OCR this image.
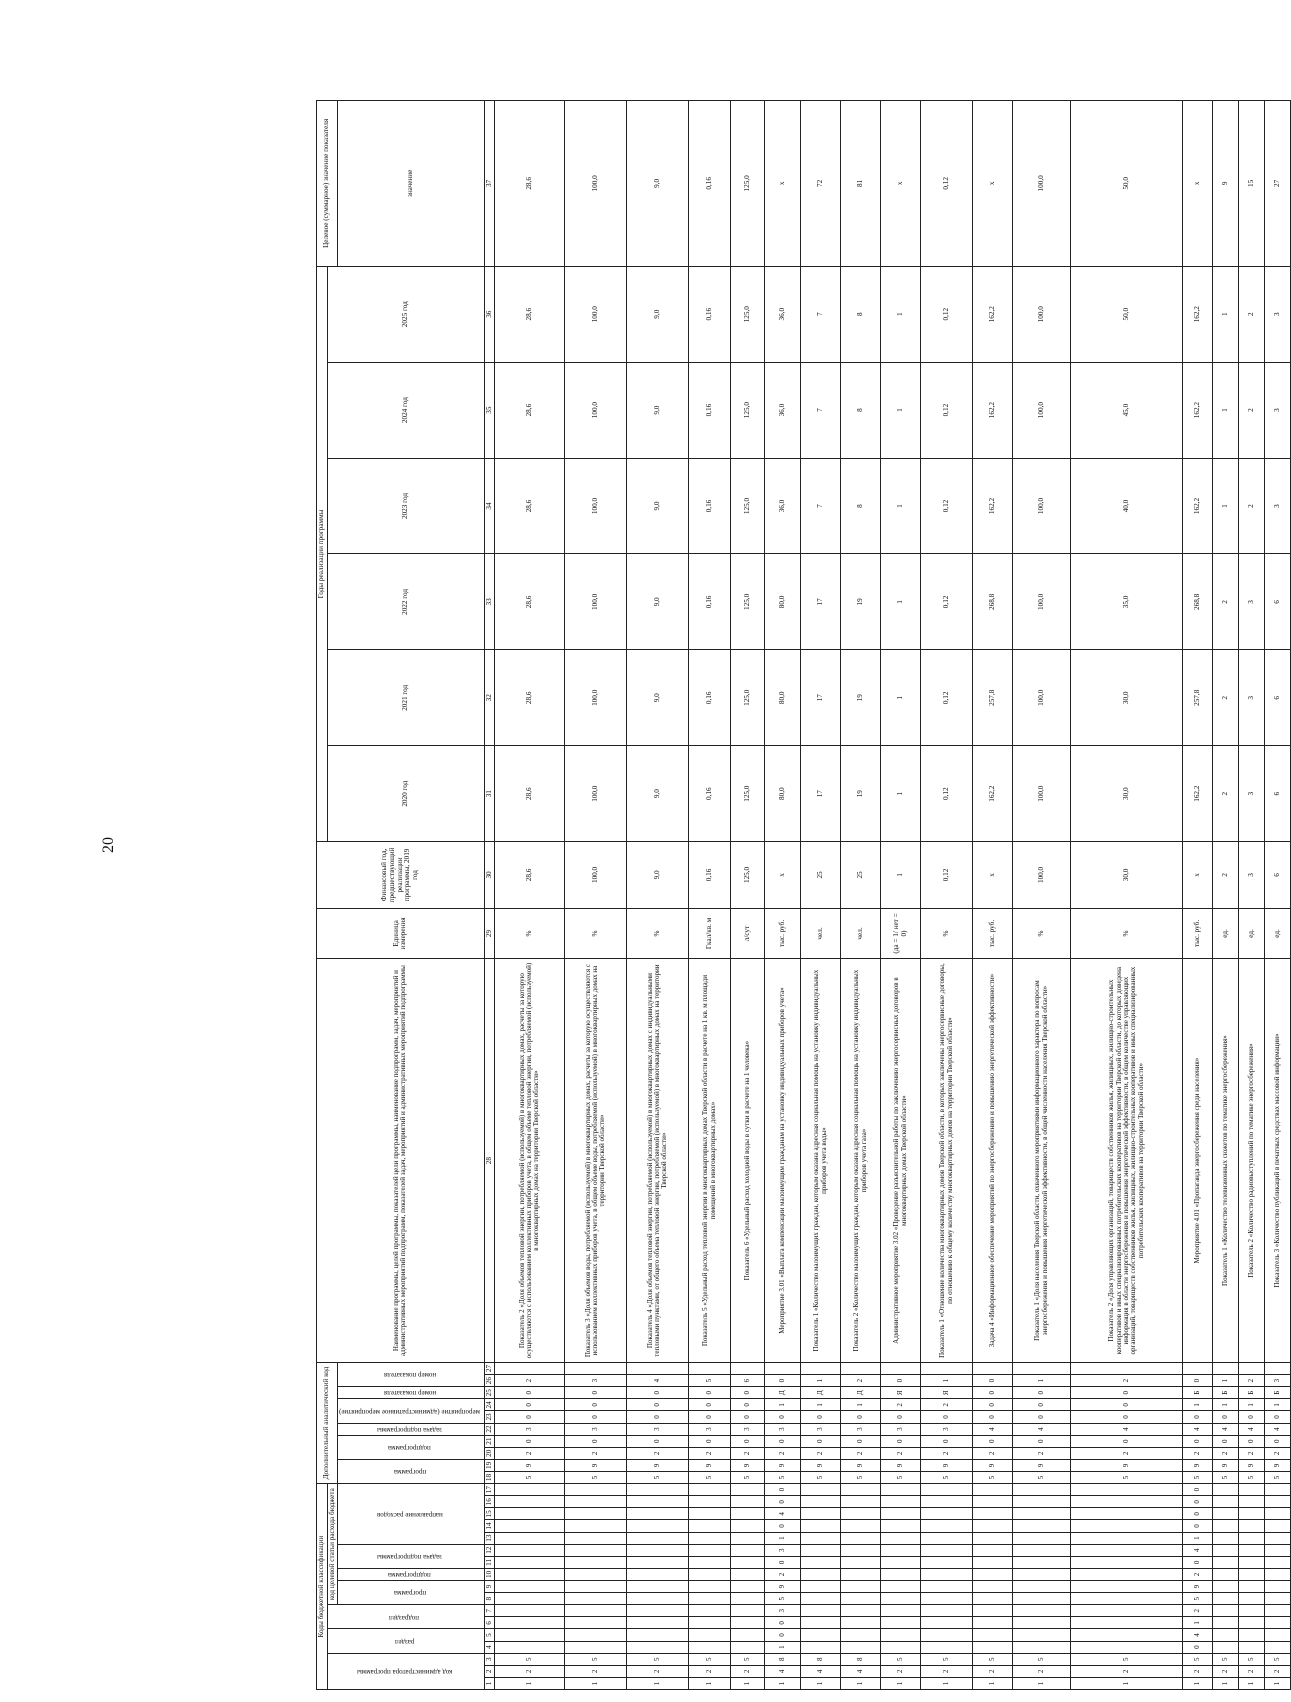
20
Коды бюджетной классификации																	Дополнительный аналитический код										Наименование программы, целей программы, показателей цели программы, наименование подпрограмм, задач, мероприятий и административных мероприятий подпрограмм, показателей задач, мероприятий и административных мероприятий подпрограммы	Единица измерения	Финансовый год, предшествующий реализации программы, 2019 год	Годы реализации программы						Целевое (суммарное) значение показателя
код администратора программы			раздел		подраздел		код целевой статьи расхода бюджета																							2020 год	2021 год	2022 год	2023 год	2024 год	2025 год	
							программа		подпрограмма	задача подпрограммы		направление расходов					программа		подпрограмма		задача подпрограммы	мероприятие (административное мероприятие)		номер показателя	номер показателя											значение
1	2	3	4	5	6	7	8	9	10	11	12	13	14	15	16	17	18	19	20	21	22	23	24	25	26	27	28	29	30	31	32	33	34	35	36	37
1	2	5															5	9	2	0	3	0	0	0	2		Показатель 2 «Доля объемов тепловой энергии, потребляемой (используемой) в многоквартирных домах, расчеты за которую осуществляются с использованием коллективных приборов учета, в общем объеме тепловой энергии, потребляемой (используемой) в многоквартирных домах на территории Тверской области»	%	28,6	28,6	28,6	28,6	28,6	28,6	28,6	28,6
1	2	5															5	9	2	0	3	0	0	0	3		Показатель 3 «Доля объемов воды, потребляемой (используемой) в многоквартирных домах, расчеты за которую осуществляются с использованием коллективных приборов учета, в общем объеме воды, потребляемой (используемой) в многоквартирных домах на территории Тверской области»	%	100,0	100,0	100,0	100,0	100,0	100,0	100,0	100,0
1	2	5															5	9	2	0	3	0	0	0	4		Показатель 4 «Доля объемов тепловой энергии, потребляемой (используемой) в многоквартирных домах с индивидуальными тепловыми пунктами, от общего объема тепловой энергии, потребляемой (используемой) в многоквартирных домах на территории Тверской области»	%	9,0	9,0	9,0	9,0	9,0	9,0	9,0	9,0
1	2	5															5	9	2	0	3	0	0	0	5		Показатель 5 «Удельный расход тепловой энергии в многоквартирных домах Тверской области в расчете на 1 кв. м площади помещений в многоквартирных домах»	Гкал/кв. м	0,16	0,16	0,16	0,16	0,16	0,16	0,16	0,16
1	2	5															5	9	2	0	3	0	0	0	6		Показатель 6 «Удельный расход холодной воды в сутки в расчете на 1 человека»	л/сут	125,0	125,0	125,0	125,0	125,0	125,0	125,0	125,0
1	4	8	1	0	0	3	5	9	2	0	3	1	0	4	0	0	5	9	2	0	3	0	1	Д	0		Мероприятие 3.01 «Выплата компенсации малоимущим гражданам на установку индивидуальных приборов учета»	тыс. руб.	х	80,0	80,0	80,0	36,0	36,0	36,0	х
1	4	8															5	9	2	0	3	0	1	Д	1		Показатель 1 «Количество малоимущих граждан, которым оказана адресная социальная помощь на установку индивидуальных приборов учета воды»	чел.	25	17	17	17	7	7	7	72
1	4	8															5	9	2	0	3	0	1	Д	2		Показатель 2 «Количество малоимущих граждан, которым оказана адресная социальная помощь на установку индивидуальных приборов учета газа»	чел.	25	19	19	19	8	8	8	81
1	2	5															5	9	2	0	3	0	2	Я	0		Административное мероприятие 3.02 «Проведение разъяснительной работы по заключению энергосервисных договоров в многоквартирных домах Тверской области»	(да = 1/ нет = 0)	1	1	1	1	1	1	1	х
1	2	5															5	9	2	0	3	0	2	Я	1		Показатель 1 «Отношение количества многоквартирных домов Тверской области, в которых заключены энергосервисные договоры, по отношению к общему количеству многоквартирных домов на территории Тверской области»	%	0,12	0,12	0,12	0,12	0,12	0,12	0,12	0,12
1	2	5															5	9	2	0	4	0	0	0	0		Задача 4 «Информационное обеспечение мероприятий по энергосбережению и повышению энергетической эффективности»	тыс. руб.	х	162,2	257,8	268,8	162,2	162,2	162,2	х
1	2	5															5	9	2	0	4	0	0	0	1		Показатель 1 «Доля населения Тверской области, охваченного мероприятиями информационного характера по вопросам энергосбережения и повышения энергетической эффективности, в общей численности населения Тверской области»	%	100,0	100,0	100,0	100,0	100,0	100,0	100,0	100,0
1	2	5															5	9	2	0	4	0	0	0	2		Показатель 2 «Доля управляющих организаций, товариществ собственников жилья, жилищных, жилищно-строительных кооперативов и иных специализированных потребительских кооперативов на территории Тверской области, до которых доведена информация в области энергосбережения и повышения энергетической эффективности, в общем количестве управляющих организаций, товариществ собственников жилья, жилищных, жилищно-строительных кооперативов и иных специализированных потребительских кооперативов на территории Тверской области»	%	30,0	30,0	30,0	35,0	40,0	45,0	50,0	50,0
1	2	5	0	4	1	2	5	9	2	0	4	1	0	0	0	0	5	9	2	0	4	0	1	Б	0		Мероприятие 4.01 «Пропаганда энергосбережения среди населения»	тыс. руб.	х	162,2	257,8	268,8	162,2	162,2	162,2	х
1	2	5															5	9	2	0	4	0	1	Б	1		Показатель 1 «Количество телевизионных сюжетов по тематике энергосбережения»	ед.	2	2	2	2	1	1	1	9
1	2	5															5	9	2	0	4	0	1	Б	2		Показатель 2 «Количество радиовыступлений по тематике энергосбережения»	ед.	3	3	3	3	2	2	2	15
1	2	5															5	9	2	0	4	0	1	Б	3		Показатель 3 «Количество публикаций в печатных средствах массовой информации»	ед.	6	6	6	6	3	3	3	27
